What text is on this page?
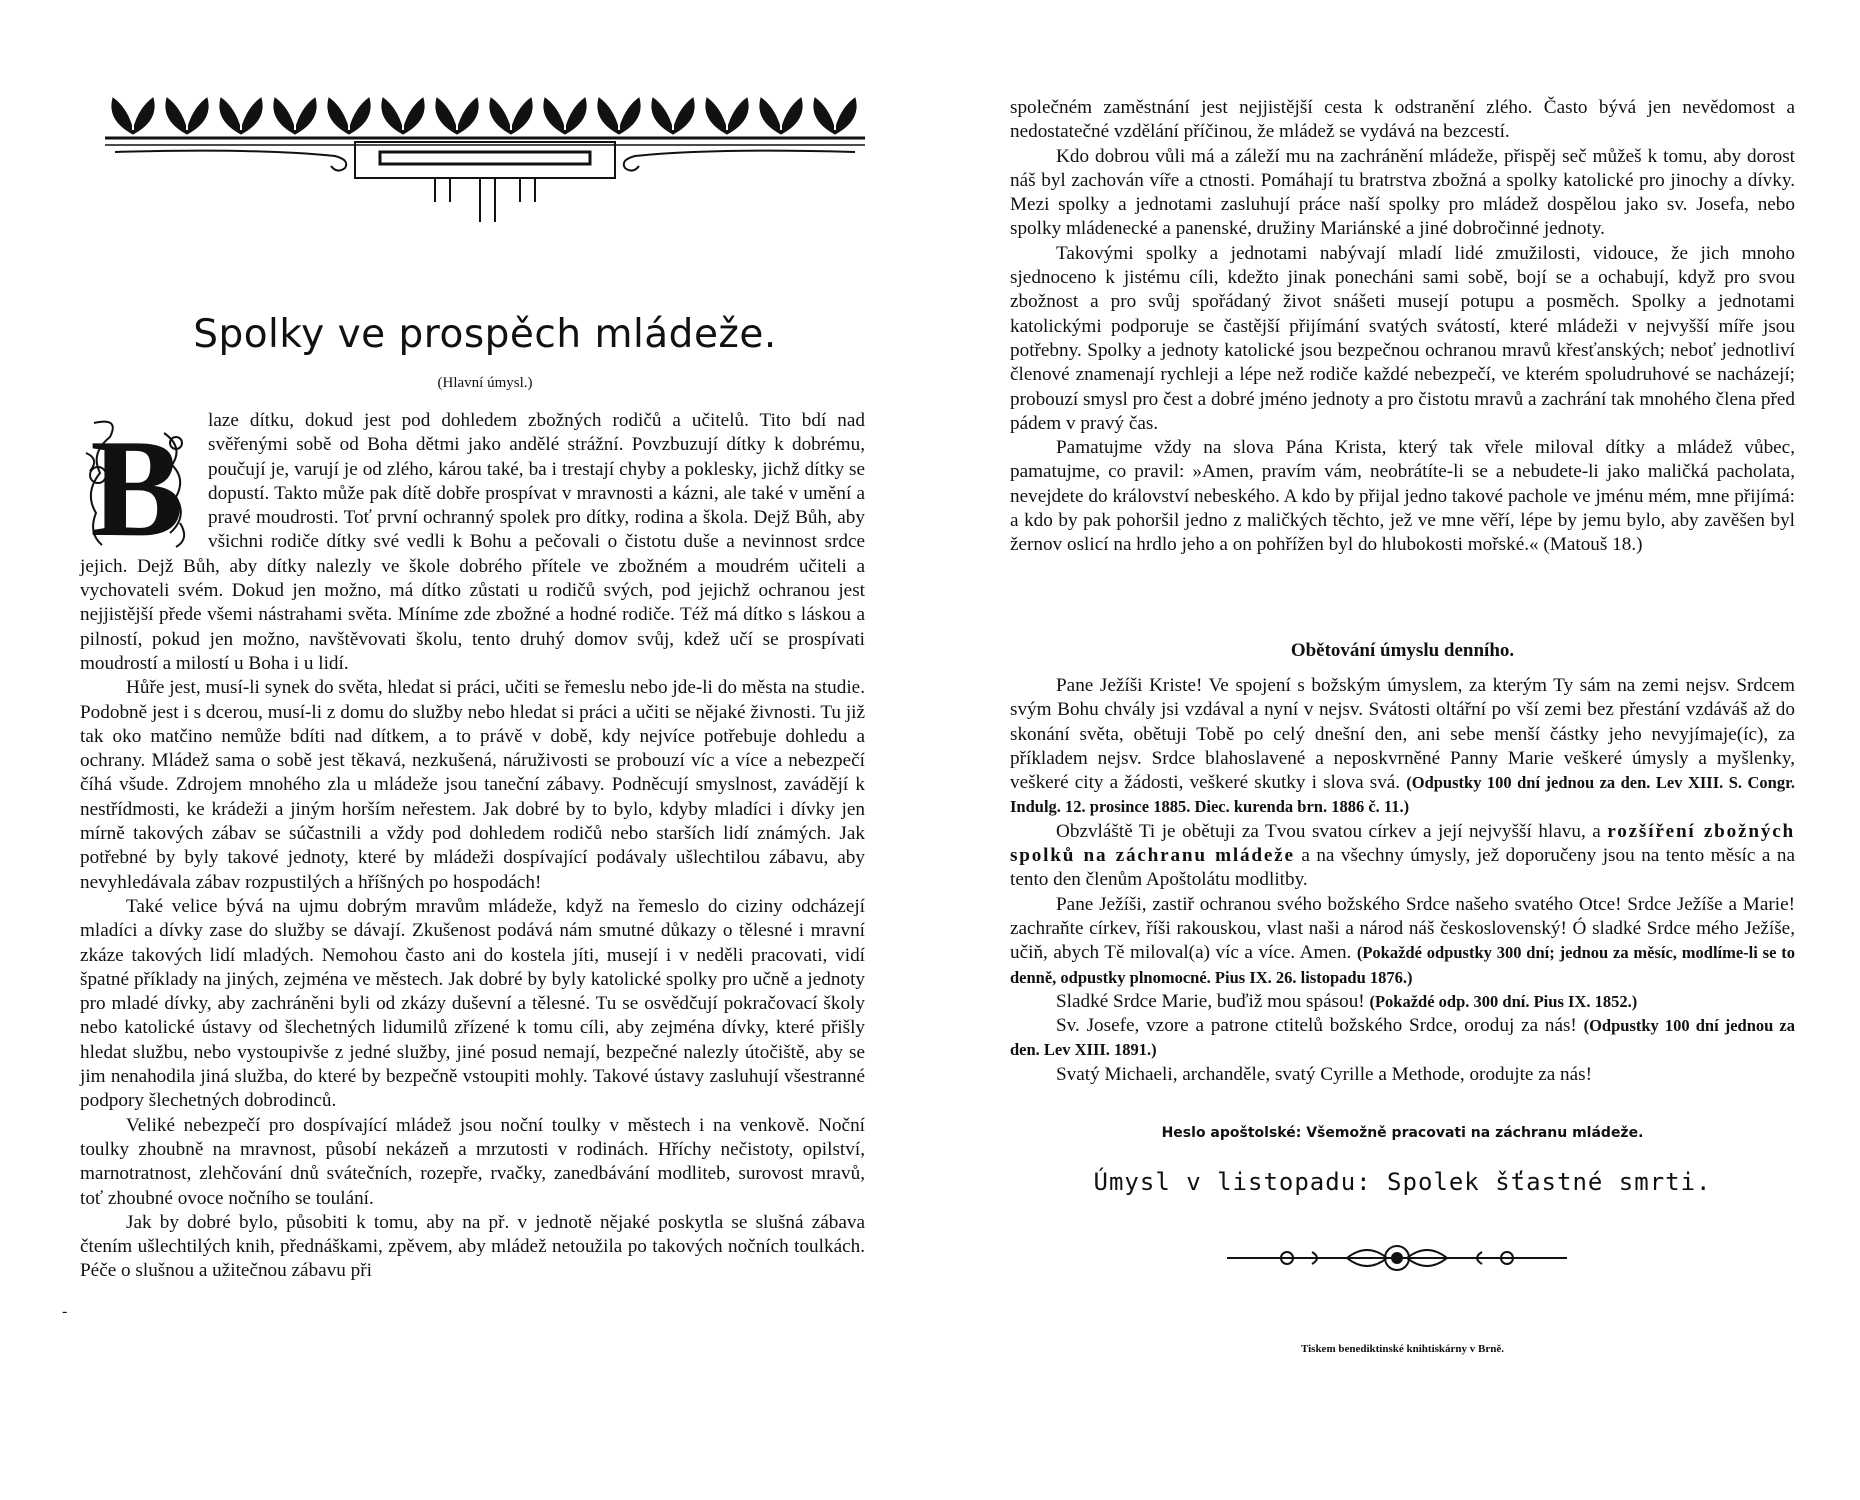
Spolky ve prospěch mládeže.
(Hlavní úmysl.)
B	laze dítku, dokud jest pod dohledem zbožných rodičů a učitelů. Tito bdí nad svěřenými sobě od Boha dětmi jako andělé strážní. Povzbuzují dítky k dobrému, poučují je, varují je od zlého, károu také, ba i trestají chyby a poklesky, jichž dítky se dopustí. Takto může pak dítě dobře prospívat v mravnosti a kázni, ale také v umění a pravé moudrosti. Toť první ochranný spolek pro dítky, rodina a škola. Dejž Bůh, aby všichni rodiče dítky své vedli k Bohu a pečovali o čistotu duše a nevinnost srdce jejich. Dejž Bůh, aby dítky nalezly ve škole dobrého přítele ve zbožném a moudrém učiteli a vychovateli svém. Dokud jen možno, má dítko zůstati u rodičů svých, pod jejichž ochranou jest nejjistější přede všemi nástrahami světa. Míníme zde zbožné a hodné rodiče. Též má dítko s láskou a pilností, pokud jen možno, navštěvovati školu, tento druhý domov svůj, kdež učí se prospívati moudrostí a milostí u Boha i u lidí.

Hůře jest, musí-li synek do světa, hledat si práci, učiti se řemeslu nebo jde-li do města na studie. Podobně jest i s dcerou, musí-li z domu do služby nebo hledat si práci a učiti se nějaké živnosti. Tu již tak oko matčino nemůže bdíti nad dítkem, a to právě v době, kdy nejvíce potřebuje dohledu a ochrany. Mládež sama o sobě jest těkavá, nezkušená, náruživosti se probouzí víc a více a nebezpečí číhá všude. Zdrojem mnohého zla u mládeže jsou taneční zábavy. Podněcují smyslnost, zavádějí k nestřídmosti, ke krádeži a jiným horším neřestem. Jak dobré by to bylo, kdyby mladíci i dívky jen mírně takových zábav se súčastnili a vždy pod dohledem rodičů nebo starších lidí známých. Jak potřebné by byly takové jednoty, které by mládeži dospívající podávaly ušlechtilou zábavu, aby nevyhledávala zábav rozpustilých a hříšných po hospodách!

Také velice bývá na ujmu dobrým mravům mládeže, když na řemeslo do ciziny odcházejí mladíci a dívky zase do služby se dávají. Zkušenost podává nám smutné důkazy o tělesné i mravní zkáze takových lidí mladých. Nemohou často ani do kostela jíti, musejí i v neděli pracovati, vidí špatné příklady na jiných, zejména ve městech. Jak dobré by byly katolické spolky pro učně a jednoty pro mladé dívky, aby zachráněni byli od zkázy duševní a tělesné. Tu se osvědčují pokračovací školy nebo katolické ústavy od šlechetných lidumilů zřízené k tomu cíli, aby zejména dívky, které přišly hledat službu, nebo vystoupivše z jedné služby, jiné posud nemají, bezpečné nalezly útočiště, aby se jim nenahodila jiná služba, do které by bezpečně vstoupiti mohly. Takové ústavy zasluhují všestranné podpory šlechetných dobrodinců.

Veliké nebezpečí pro dospívající mládež jsou noční toulky v městech i na venkově. Noční toulky zhoubně na mravnost, působí nekázeň a mrzutosti v rodinách. Hříchy nečistoty, opilství, marnotratnost, zlehčování dnů svátečních, rozepře, rvačky, zanedbávání modliteb, surovost mravů, toť zhoubné ovoce nočního se toulání.

Jak by dobré bylo, působiti k tomu, aby na př. v jednotě nějaké poskytla se slušná zábava čtením ušlechtilých knih, přednáškami, zpěvem, aby mládež netoužila po takových nočních toulkách. Péče o slušnou a užitečnou zábavu při

-

společném zaměstnání jest nejjistější cesta k odstranění zlého. Často bývá jen nevědomost a nedostatečné vzdělání příčinou, že mládež se vydává na bezcestí.

Kdo dobrou vůli má a záleží mu na zachránění mládeže, přispěj seč můžeš k tomu, aby dorost náš byl zachován víře a ctnosti. Pomáhají tu bratrstva zbožná a spolky katolické pro jinochy a dívky. Mezi spolky a jednotami zasluhují práce naší spolky pro mládež dospělou jako sv. Josefa, nebo spolky mládenecké a panenské, družiny Mariánské a jiné dobročinné jednoty.

Takovými spolky a jednotami nabývají mladí lidé zmužilosti, vidouce, že jich mnoho sjednoceno k jistému cíli, kdežto jinak ponecháni sami sobě, bojí se a ochabují, když pro svou zbožnost a pro svůj spořádaný život snášeti musejí potupu a posměch. Spolky a jednotami katolickými podporuje se častější přijímání svatých svátostí, které mládeži v nejvyšší míře jsou potřebny. Spolky a jednoty katolické jsou bezpečnou ochranou mravů křesťanských; neboť jednotliví členové znamenají rychleji a lépe než rodiče každé nebezpečí, ve kterém spoludruhové se nacházejí; probouzí smysl pro čest a dobré jméno jednoty a pro čistotu mravů a zachrání tak mnohého člena před pádem v pravý čas.

Pamatujme vždy na slova Pána Krista, který tak vřele miloval dítky a mládež vůbec, pamatujme, co pravil: »Amen, pravím vám, neobrátíte-li se a nebudete-li jako maličká pacholata, nevejdete do království nebeského. A kdo by přijal jedno takové pachole ve jménu mém, mne přijímá: a kdo by pak pohoršil jedno z maličkých těchto, jež ve mne věří, lépe by jemu bylo, aby zavěšen byl žernov oslicí na hrdlo jeho a on pohřížen byl do hlubokosti mořské.« (Matouš 18.)

Obětování úmyslu denního.

Pane Ježíši Kriste! Ve spojení s božským úmyslem, za kterým Ty sám na zemi nejsv. Srdcem svým Bohu chvály jsi vzdával a nyní v nejsv. Svátosti oltářní po vší zemi bez přestání vzdáváš až do skonání světa, obětuji Tobě po celý dnešní den, ani sebe menší částky jeho nevyjímaje(íc), za příkladem nejsv. Srdce blahoslavené a neposkvrněné Panny Marie veškeré úmysly a myšlenky, veškeré city a žádosti, veškeré skutky i slova svá. (Odpustky 100 dní jednou za den. Lev XIII. S. Congr. Indulg. 12. prosince 1885. Diec. kurenda brn. 1886 č. 11.)

Obzvláště Ti je obětuji za Tvou svatou církev a její nejvyšší hlavu, a rozšíření zbožných spolků na záchranu mládeže a na všechny úmysly, jež doporučeny jsou na tento měsíc a na tento den členům Apoštolátu modlitby.

Pane Ježíši, zastiř ochranou svého božského Srdce našeho svatého Otce! Srdce Ježíše a Marie! zachraňte církev, říši rakouskou, vlast naši a národ náš československý! Ó sladké Srdce mého Ježíše, učiň, abych Tě miloval(a) víc a více. Amen. (Pokaždé odpustky 300 dní; jednou za měsíc, modlíme-li se to denně, odpustky plnomocné. Pius IX. 26. listopadu 1876.)

Sladké Srdce Marie, buďiž mou spásou! (Pokaždé odp. 300 dní. Pius IX. 1852.)

Sv. Josefe, vzore a patrone ctitelů božského Srdce, oroduj za nás! (Odpustky 100 dní jednou za den. Lev XIII. 1891.)

Svatý Michaeli, archanděle, svatý Cyrille a Methode, orodujte za nás!

Heslo apoštolské: Všemožně pracovati na záchranu mládeže.
Úmysl v listopadu: Spolek šťastné smrti.
Tiskem benediktinské knihtiskárny v Brně.
